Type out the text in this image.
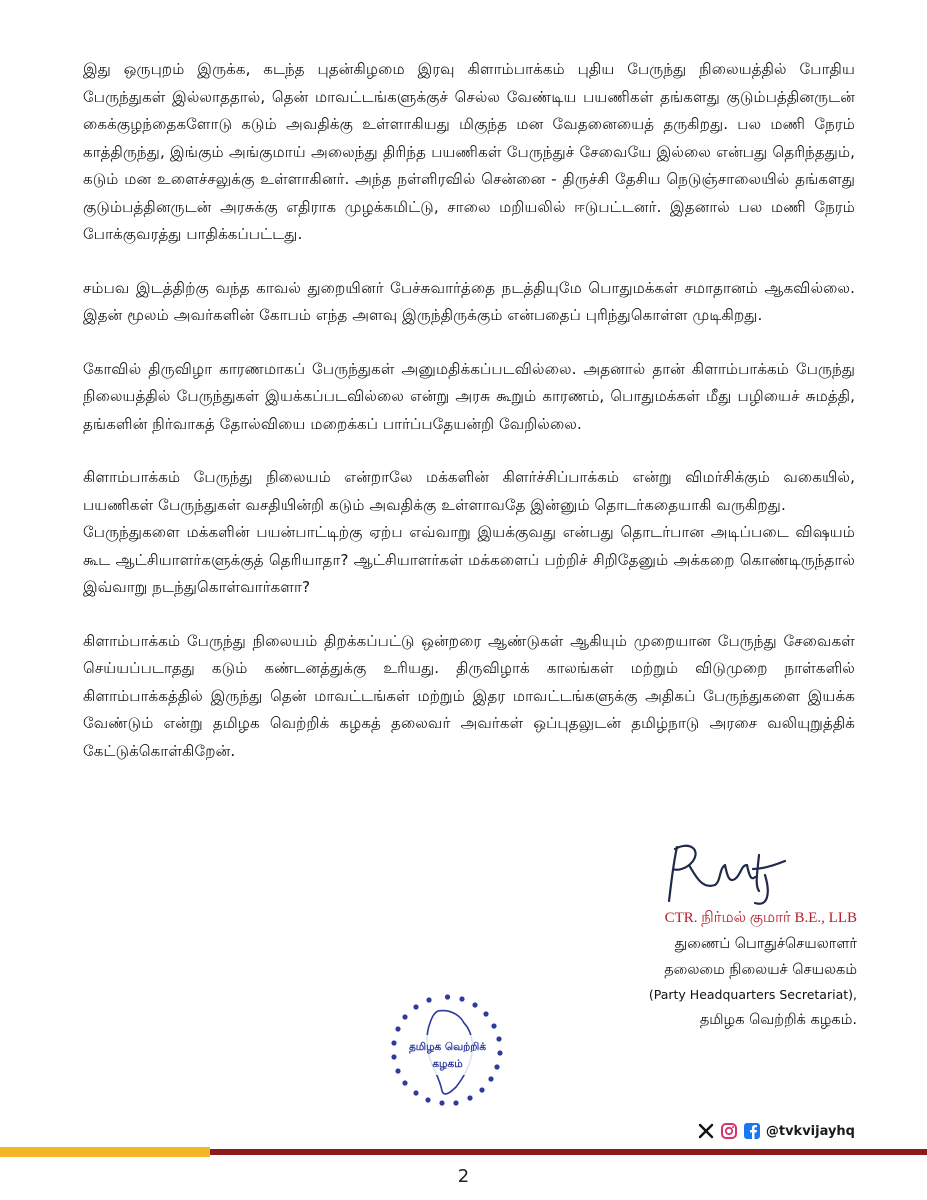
இது ஒருபுறம் இருக்க, கடந்த புதன்கிழமை இரவு கிளாம்பாக்கம் புதிய பேருந்து நிலையத்தில் போதிய பேருந்துகள் இல்லாததால், தென் மாவட்டங்களுக்குச் செல்ல வேண்டிய பயணிகள் தங்களது குடும்பத்தினருடன் கைக்குழந்தைகளோடு கடும் அவதிக்கு உள்ளாகியது மிகுந்த மன வேதனையைத் தருகிறது. பல மணி நேரம் காத்திருந்து, இங்கும் அங்குமாய் அலைந்து திரிந்த பயணிகள் பேருந்துச் சேவையே இல்லை என்பது தெரிந்ததும், கடும் மன உளைச்சலுக்கு உள்ளாகினர். அந்த நள்ளிரவில் சென்னை - திருச்சி தேசிய நெடுஞ்சாலையில் தங்களது குடும்பத்தினருடன் அரசுக்கு எதிராக முழக்கமிட்டு, சாலை மறியலில் ஈடுபட்டனர். இதனால் பல மணி நேரம் போக்குவரத்து பாதிக்கப்பட்டது.

சம்பவ இடத்திற்கு வந்த காவல் துறையினர் பேச்சுவார்த்தை நடத்தியுமே பொதுமக்கள் சமாதானம் ஆகவில்லை. இதன் மூலம் அவர்களின் கோபம் எந்த அளவு இருந்திருக்கும் என்பதைப் புரிந்துகொள்ள முடிகிறது.

கோவில் திருவிழா காரணமாகப் பேருந்துகள் அனுமதிக்கப்படவில்லை. அதனால் தான் கிளாம்பாக்கம் பேருந்து நிலையத்தில் பேருந்துகள் இயக்கப்படவில்லை என்று அரசு கூறும் காரணம், பொதுமக்கள் மீது பழியைச் சுமத்தி, தங்களின் நிர்வாகத் தோல்வியை மறைக்கப் பார்ப்பதேயன்றி வேறில்லை.

கிளாம்பாக்கம் பேருந்து நிலையம் என்றாலே மக்களின் கிளர்ச்சிப்பாக்கம் என்று விமர்சிக்கும் வகையில், பயணிகள் பேருந்துகள் வசதியின்றி கடும் அவதிக்கு உள்ளாவதே இன்னும் தொடர்கதையாகி வருகிறது.

பேருந்துகளை மக்களின் பயன்பாட்டிற்கு ஏற்ப எவ்வாறு இயக்குவது என்பது தொடர்பான அடிப்படை விஷயம் கூட ஆட்சியாளர்களுக்குத் தெரியாதா? ஆட்சியாளர்கள் மக்களைப் பற்றிச் சிறிதேனும் அக்கறை கொண்டிருந்தால் இவ்வாறு நடந்துகொள்வார்களா?

கிளாம்பாக்கம் பேருந்து நிலையம் திறக்கப்பட்டு ஒன்றரை ஆண்டுகள் ஆகியும் முறையான பேருந்து சேவைகள் செய்யப்படாதது கடும் கண்டனத்துக்கு உரியது. திருவிழாக் காலங்கள் மற்றும் விடுமுறை நாள்களில் கிளாம்பாக்கத்தில் இருந்து தென் மாவட்டங்கள் மற்றும் இதர மாவட்டங்களுக்கு அதிகப் பேருந்துகளை இயக்க வேண்டும் என்று தமிழக வெற்றிக் கழகத் தலைவர் அவர்கள் ஒப்புதலுடன் தமிழ்நாடு அரசை வலியுறுத்திக் கேட்டுக்கொள்கிறேன்.

CTR. நிர்மல் குமார் B.E., LLB
துணைப் பொதுச்செயலாளர்
தலைமை நிலையச் செயலகம்
(Party Headquarters Secretariat),
தமிழக வெற்றிக் கழகம்.
தமிழக வெற்றிக்
கழகம்
@tvkvijayhq
2
